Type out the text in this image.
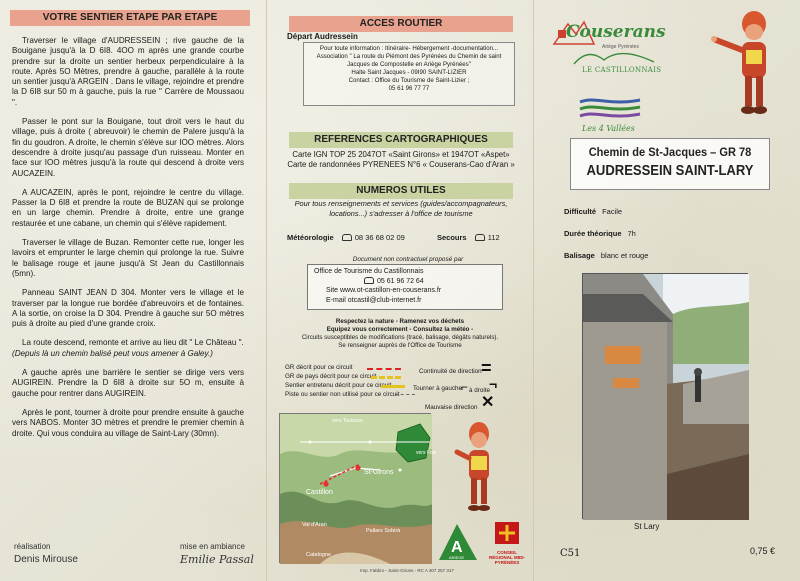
VOTRE SENTIER ETAPE PAR ETAPE

Traverser le village d'AUDRESSEIN ; rive gauche de la Bouigane jusqu'à la D 6I8. 4OO m après une grande courbe prendre sur la droite un sentier herbeux perpendiculaire à la route. Après 5O Mètres, prendre à gauche, parallèle à la route un sentier jusqu'à ARGEIN . Dans le village, rejoindre et prendre la D 6I8 sur 50 m à gauche, puis la rue " Carrère de Moussaou ".

Passer le pont sur la Bouigane, tout droit vers le haut du village, puis à droite ( abreuvoir) le chemin de Palere jusqu'à la fin du goudron. A droite, le chemin s'élève sur IOO mètres. Alors descendre à droite jusqu'au passage d'un ruisseau. Monter en face sur IOO mètres jusqu'à la route qui descend à droite vers AUCAZEIN.

A AUCAZEIN, après le pont, rejoindre le centre du village. Passer la D 6I8 et prendre la route de BUZAN qui se prolonge en un large chemin. Prendre à droite, entre une grange restaurée et une cabane, un chemin qui s'élève rapidement.

Traverser le village de Buzan. Remonter cette rue, longer les lavoirs et emprunter le large chemin qui prolonge la rue. Suivre le balisage rouge et jaune jusqu'à St Jean du Castillonnais (5mn).

Panneau SAINT JEAN D 304. Monter vers le village et le traverser par la longue rue bordée d'abreuvoirs et de fontaines. A la sortie, on croise la D 304. Prendre à gauche sur 5O mètres puis à droite au pied d'une grande croix.

La route descend, remonte et arrive au lieu dit " Le Château ".

(Depuis là un chemin balisé peut vous amener à Galey.)

A gauche après une barrière le sentier se dirige vers vers AUGIREIN. Prendre la D 6I8 à droite sur 5O m, ensuite à gauche pour rentrer dans AUGIREIN.

Après le pont, tourner à droite pour prendre ensuite à gauche vers NABOS. Monter 3O mètres et prendre le premier chemin à droite. Qui vous conduira au village de Saint-Lary (30mn).

réalisation
Denis Mirouse
mise en ambiance
Emilie Passal
ACCES ROUTIER
Départ Audressein
Pour toute information : Itinéraire- Hébergement -documentation...
Association " La route du Piémont des Pyrénées du Chemin de saint
Jacques de Compostelle en Ariège Pyrénées"
Halte Saint Jacques - 09I90 SAINT-LIZIER
Contact : Office du Tourisme de Saint-Lizier ;
05 61 96 77 77
REFERENCES CARTOGRAPHIQUES
Carte IGN TOP 25 2047OT «Saint Girons» et 1947OT «Aspet»
Carte de randonnées PYRENEES N°6 « Couserans-Cao d'Aran »
NUMEROS UTILES
Pour tous renseignements et services (guides/accompagnateurs, locations...) s'adresser à l'office de tourisme
Météorologie	08 36 68 02 09	Secours	112
Document non contractuel proposé par
Office de Tourisme du Castillonnais
05 61 96 72 64
Site www.ot-castillon-en-couserans.fr
E-mail otcastil@club-internet.fr
Respectez la nature - Ramenez vos déchets
Equipez vous correctement - Consultez la météo -
Circuits susceptibles de modifications (tracé, balisage, dégâts naturels).
Se renseigner auprès de l'Office de Tourisme
GR décrit pour ce circuit
GR de pays décrit pour ce circuit
Sentier entretenu décrit pour ce circuit
Piste ou sentier non utilisé pour ce circuit
Continuité de direction =
Tourner à gauche
⌐ à droite
¬
Mauvaise direction ✕
vers Toulouse
vers Foix
St-Girons
Castillon
Val d'Aran
Pallars Sobirà
Catalogne	A
ARIEGE
CONSEIL RÉGIONAL MIDI-PYRÉNÉES
Imp. Fabbro - Saint-Girons - RC A 307 257 317
Couserans
Ariège Pyrénées
LE CASTILLONNAIS
Les 4 Vallées
Chemin de St-Jacques – GR 78
AUDRESSEIN SAINT-LARY
Difficulté Facile
Durée théorique 7h
Balisage blanc et rouge
St Lary
C51	0,75 €
